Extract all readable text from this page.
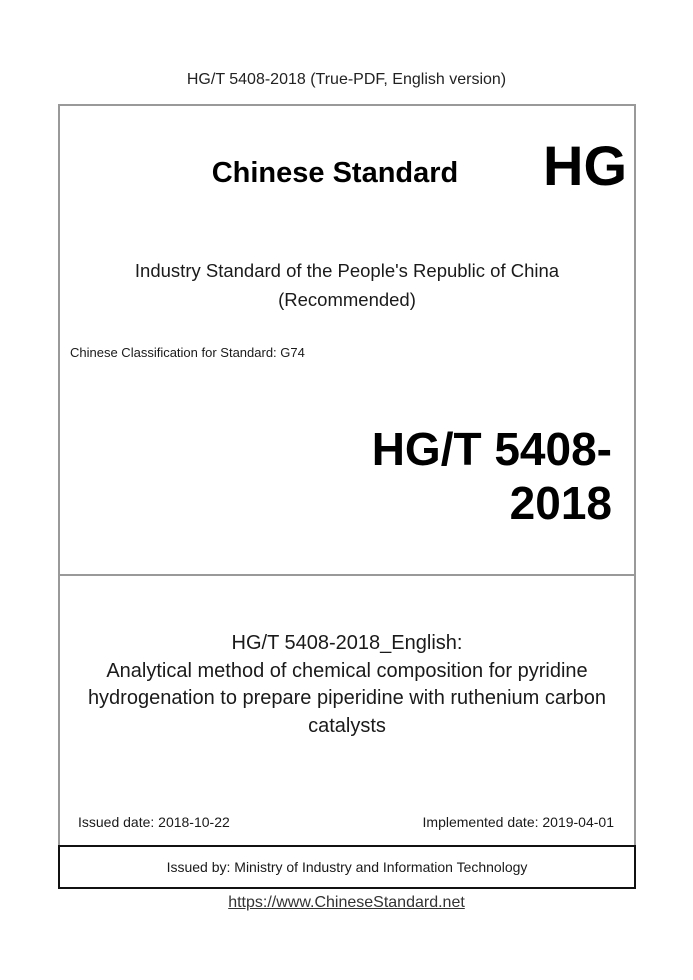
HG/T 5408-2018 (True-PDF, English version)
Chinese Standard	HG
Industry Standard of the People's Republic of China
(Recommended)
Chinese Classification for Standard: G74
HG/T 5408-2018
HG/T 5408-2018_English:
Analytical method of chemical composition for pyridine
hydrogenation to prepare piperidine with ruthenium carbon
catalysts
Issued date: 2018-10-22	Implemented date: 2019-04-01
Issued by: Ministry of Industry and Information Technology
https://www.ChineseStandard.net
